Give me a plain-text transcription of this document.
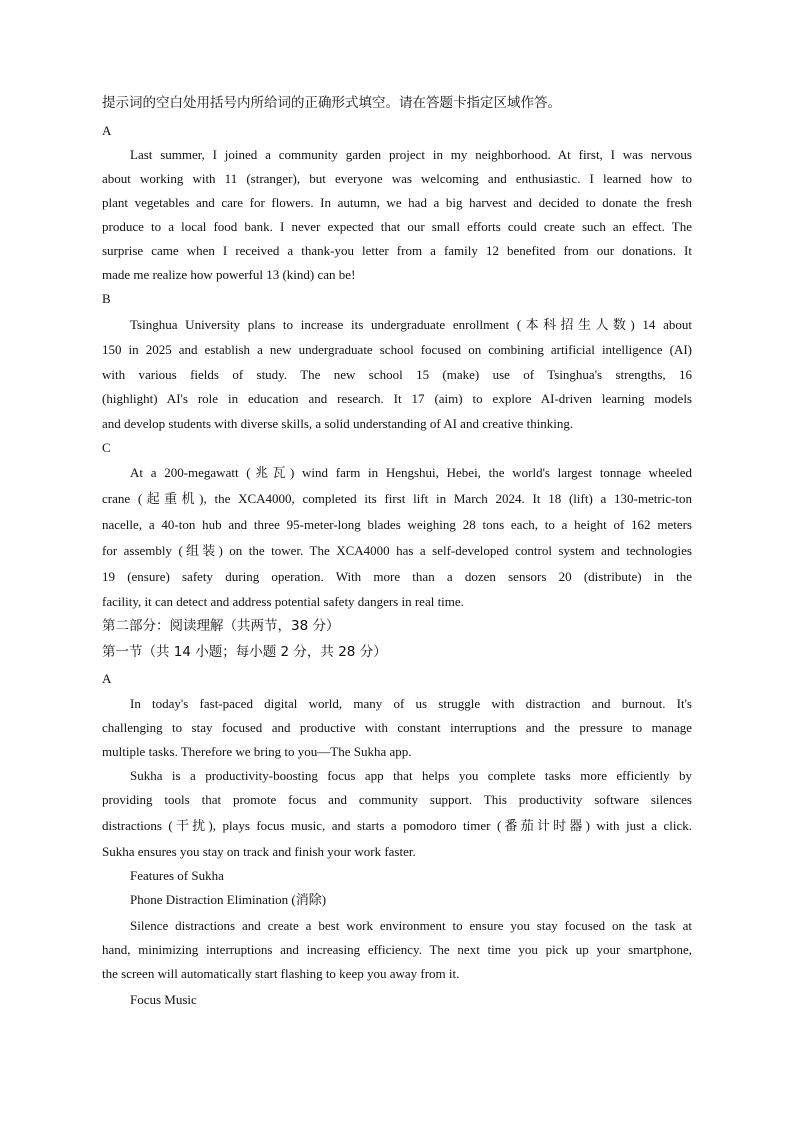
提示词的空白处用括号内所给词的正确形式填空。请在答题卡指定区域作答。
A
Last summer, I joined a community garden project in my neighborhood. At first, I was nervous
about working with 11 (stranger), but everyone was welcoming and enthusiastic. I learned how to
plant vegetables and care for flowers. In autumn, we had a big harvest and decided to donate the fresh
produce to a local food bank. I never expected that our small efforts could create such an effect. The
surprise came when I received a thank-you letter from a family 12 benefited from our donations. It
made me realize how powerful 13 (kind) can be!
B
Tsinghua University plans to increase its undergraduate enrollment (本科招生人数) 14 about
150 in 2025 and establish a new undergraduate school focused on combining artificial intelligence (AI)
with various fields of study. The new school 15 (make) use of Tsinghua's strengths, 16
(highlight) AI's role in education and research. It 17 (aim) to explore AI-driven learning models
and develop students with diverse skills, a solid understanding of AI and creative thinking.
C
At a 200-megawatt (兆瓦) wind farm in Hengshui, Hebei, the world's largest tonnage wheeled
crane (起重机), the XCA4000, completed its first lift in March 2024. It 18 (lift) a 130-metric-ton
nacelle, a 40-ton hub and three 95-meter-long blades weighing 28 tons each, to a height of 162 meters
for assembly (组装) on the tower. The XCA4000 has a self-developed control system and technologies
19 (ensure) safety during operation. With more than a dozen sensors 20 (distribute) in the
facility, it can detect and address potential safety dangers in real time.
第二部分：阅读理解（共两节，38 分）
第一节（共 14 小题；每小题 2 分，共 28 分）
A
In today's fast-paced digital world, many of us struggle with distraction and burnout. It's
challenging to stay focused and productive with constant interruptions and the pressure to manage
multiple tasks. Therefore we bring to you—The Sukha app.
Sukha is a productivity-boosting focus app that helps you complete tasks more efficiently by
providing tools that promote focus and community support. This productivity software silences
distractions (干扰), plays focus music, and starts a pomodoro timer (番茄计时器) with just a click.
Sukha ensures you stay on track and finish your work faster.
Features of Sukha
Phone Distraction Elimination (消除)
Silence distractions and create a best work environment to ensure you stay focused on the task at
hand, minimizing interruptions and increasing efficiency. The next time you pick up your smartphone,
the screen will automatically start flashing to keep you away from it.
Focus Music
